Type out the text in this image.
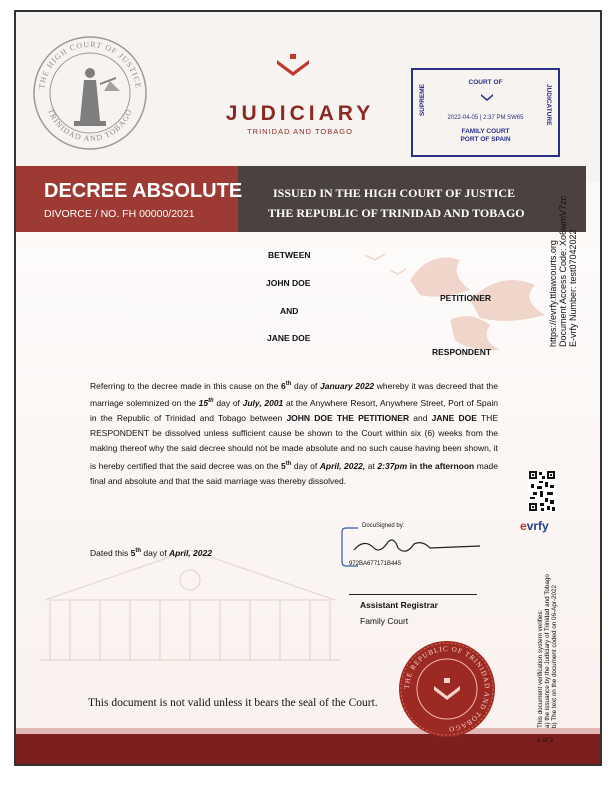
THE HIGH COURT OF JUSTICE
TRINIDAD AND TOBAGO	JUDICIARY
TRINIDAD AND TOBAGO
COURT OF
SUPREME	JUDICATURE
2022-04-05 | 2:37 PM SW65
FAMILY COURT
PORT OF SPAIN
DECREE ABSOLUTE
DIVORCE / NO. FH 00000/2021
ISSUED IN THE HIGH COURT OF JUSTICE
THE REPUBLIC OF TRINIDAD AND TOBAGO
BETWEEN
JOHN DOE
AND
JANE DOE
PETITIONER
RESPONDENT

Referring to the decree made in this cause on the 6th day of January 2022 whereby it was decreed that the marriage solemnized on the 15th day of July, 2001 at the Anywhere Resort, Anywhere Street, Port of Spain in the Republic of Trinidad and Tobago between JOHN DOE THE PETITIONER and JANE DOE THE RESPONDENT be dissolved unless sufficient cause be shown to the Court within six (6) weeks from the making thereof why the said decree should not be made absolute and no such cause having been shown, it is hereby certified that the said decree was on the 5th day of April, 2022, at 2:37pm in the afternoon made final and absolute and that the said marriage was thereby dissolved.

Dated this 5th day of April, 2022
DocuSigned by:
972BA677171B445
Assistant Registrar
Family Court
THE REPUBLIC OF TRINIDAD AND TOBAGO
This document is not valid unless it bears the seal of the Court.
https://evrfy.ttlawcourts.org Document Access Code: Xo6wmV7zc E-vrfy Number: test07042022
evrfy
This document verification system verifies: a) the issuance by the Judiciary of Trinidad and Tobago b) The text on the document coded on 06-Apr-2022
1 of 2
